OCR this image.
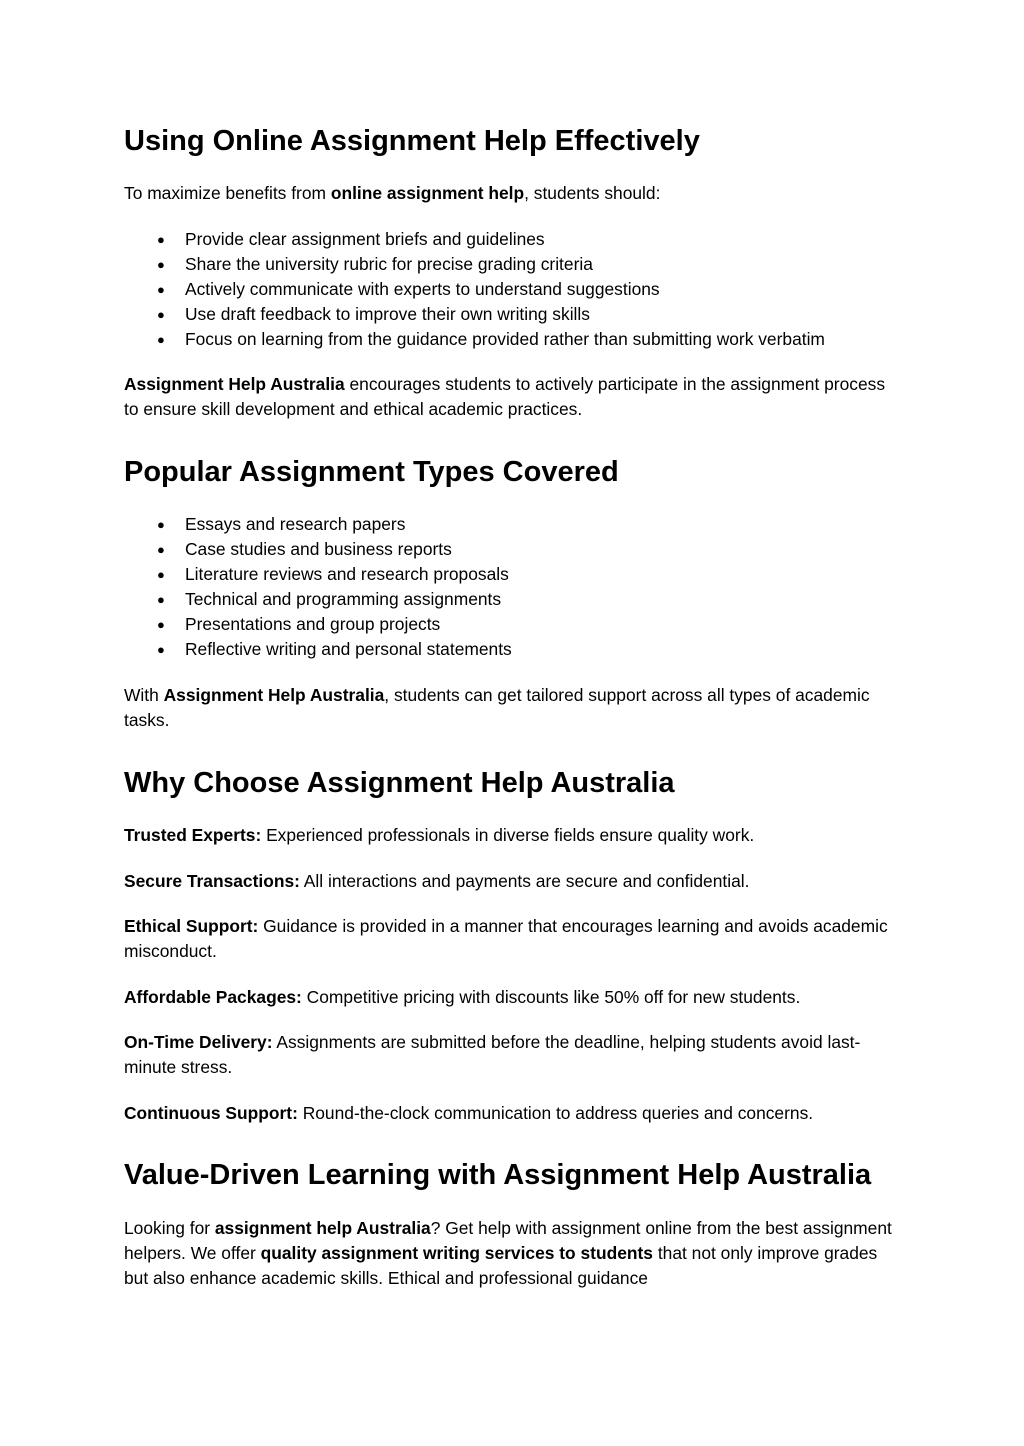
Using Online Assignment Help Effectively

To maximize benefits from online assignment help, students should:

● Provide clear assignment briefs and guidelines
● Share the university rubric for precise grading criteria
● Actively communicate with experts to understand suggestions
● Use draft feedback to improve their own writing skills
● Focus on learning from the guidance provided rather than submitting work verbatim

Assignment Help Australia encourages students to actively participate in the assignment process to ensure skill development and ethical academic practices.

Popular Assignment Types Covered
● Essays and research papers
● Case studies and business reports
● Literature reviews and research proposals
● Technical and programming assignments
● Presentations and group projects
● Reflective writing and personal statements

With Assignment Help Australia, students can get tailored support across all types of academic tasks.

Why Choose Assignment Help Australia

Trusted Experts: Experienced professionals in diverse fields ensure quality work.

Secure Transactions: All interactions and payments are secure and confidential.

Ethical Support: Guidance is provided in a manner that encourages learning and avoids academic misconduct.

Affordable Packages: Competitive pricing with discounts like 50% off for new students.

On-Time Delivery: Assignments are submitted before the deadline, helping students avoid last-minute stress.

Continuous Support: Round-the-clock communication to address queries and concerns.

Value-Driven Learning with Assignment Help Australia

Looking for assignment help Australia? Get help with assignment online from the best assignment helpers. We offer quality assignment writing services to students that not only improve grades but also enhance academic skills. Ethical and professional guidance
